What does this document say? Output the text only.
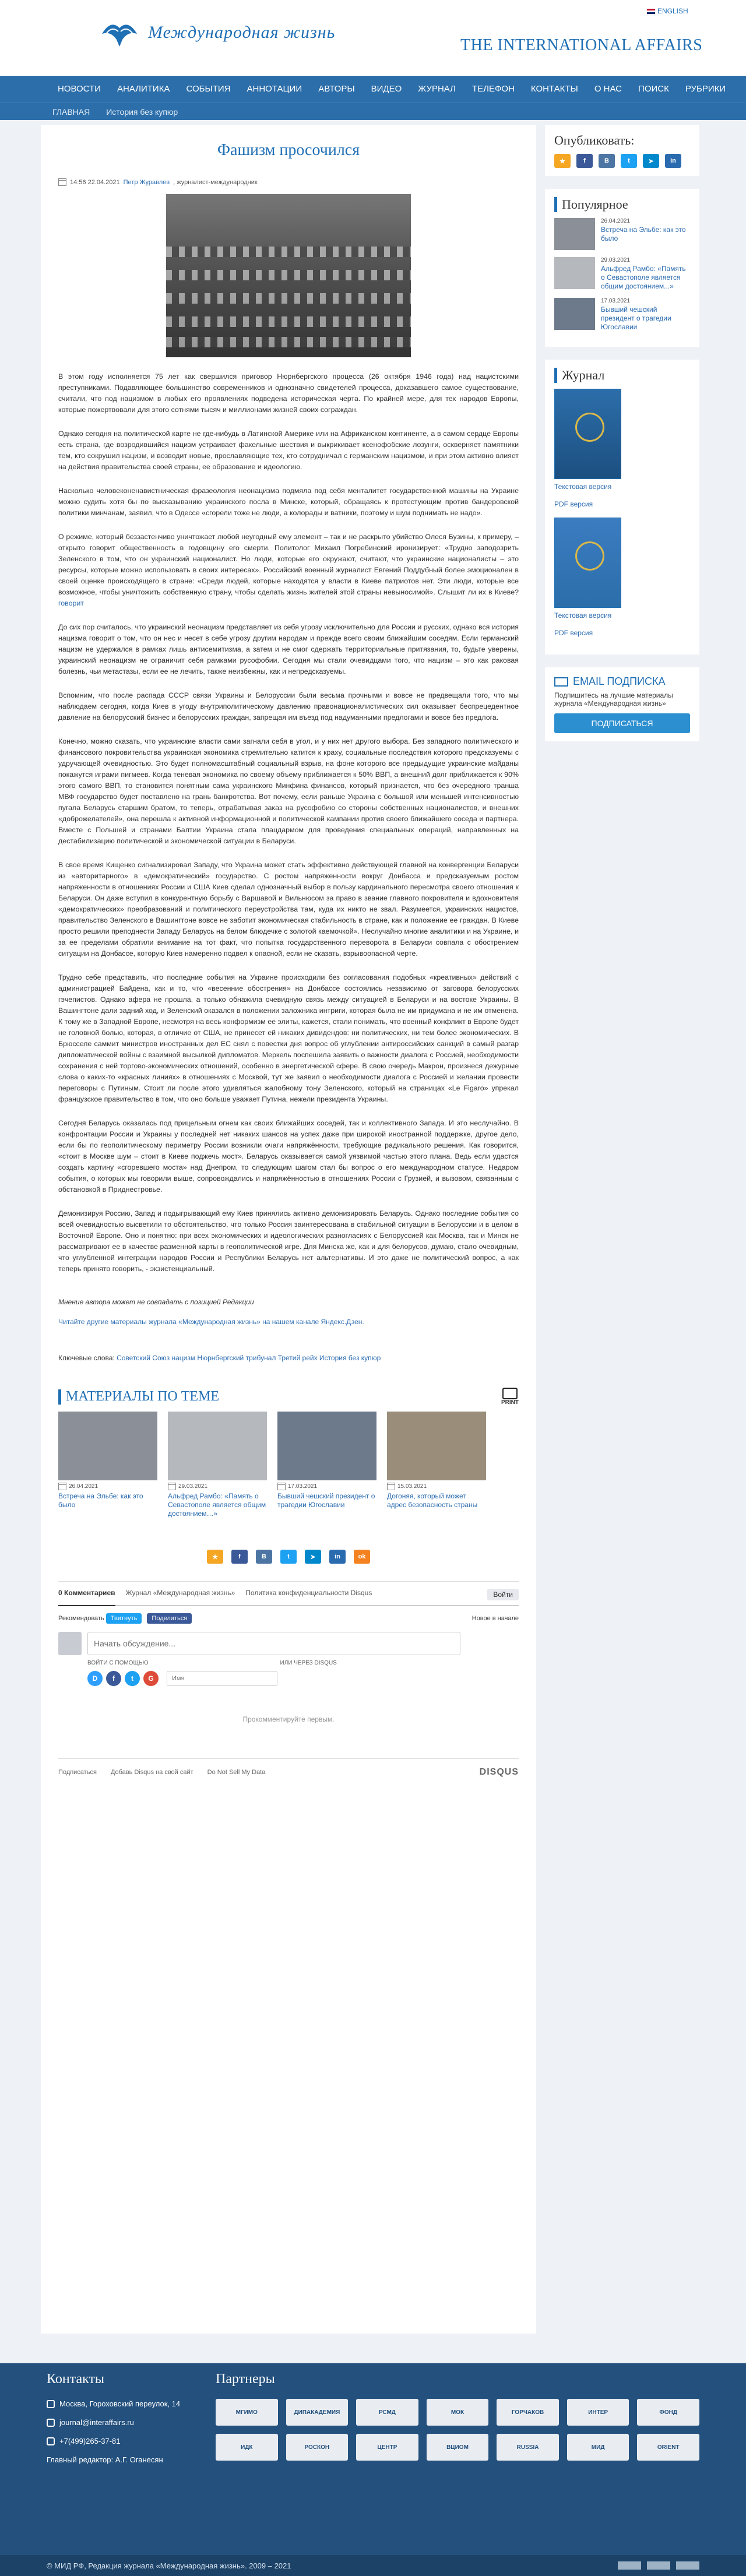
Международная жизнь
THE INTERNATIONAL AFFAIRS
ENGLISH
НОВОСТИ	АНАЛИТИКА	СОБЫТИЯ	АННОТАЦИИ	АВТОРЫ	ВИДЕО	ЖУРНАЛ	ТЕЛЕФОН	КОНТАКТЫ	О НАС	ПОИСК	РУБРИКИ
ГЛАВНАЯ История без купюр
Фашизм просочился
14:56 22.04.2021 Петр Журавлев , журналист-международник

В этом году исполняется 75 лет как свершился приговор Нюрнбергского процесса (26 октября 1946 года) над нацистскими преступниками. Подавляющее большинство современников и однозначно свидетелей процесса, доказавшего самое существование, считали, что под нацизмом в любых его проявлениях подведена историческая черта. По крайней мере, для тех народов Европы, которые пожертвовали для этого сотнями тысяч и миллионами жизней своих сограждан.

Однако сегодня на политической карте не где-нибудь в Латинской Америке или на Африканском континенте, а в самом сердце Европы есть страна, где возродившийся нацизм устраивает факельные шествия и выкрикивает ксенофобские лозунги, оскверняет памятники тем, кто сокрушил нацизм, и возводит новые, прославляющие тех, кто сотрудничал с германским нацизмом, и при этом активно влияет на действия правительства своей страны, ее образование и идеологию.

Насколько человеконенавистническая фразеология неонацизма подмяла под себя менталитет государственной машины на Украине можно судить хотя бы по высказыванию украинского посла в Минске, который, обращаясь к протестующим против бандеровской политики минчанам, заявил, что в Одессе «сгорели тоже не люди, а колорады и ватники, поэтому и шум поднимать не надо».

О режиме, который беззастенчиво уничтожает любой неугодный ему элемент – так и не раскрыто убийство Олеся Бузины, к примеру, – открыто говорит общественность в годовщину его смерти. Политолог Михаил Погребинский иронизирует: «Трудно заподозрить Зеленского в том, что он украинский националист. Но люди, которые его окружают, считают, что украинские националисты – это ресурсы, которые можно использовать в своих интересах». Российский военный журналист Евгений Поддубный более эмоционален в своей оценке происходящего в стране: «Среди людей, которые находятся у власти в Киеве патриотов нет. Эти люди, которые все возможное, чтобы уничтожить собственную страну, чтобы сделать жизнь жителей этой страны невыносимой». Слышит ли их в Киеве? говорит

До сих пор считалось, что украинский неонацизм представляет из себя угрозу исключительно для России и русских, однако вся история нацизма говорит о том, что он нес и несет в себе угрозу другим народам и прежде всего своим ближайшим соседям. Если германский нацизм не удержался в рамках лишь антисемитизма, а затем и не смог сдержать территориальные притязания, то, будьте уверены, украинский неонацизм не ограничит себя рамками русофобии. Сегодня мы стали очевидцами того, что нацизм – это как раковая болезнь, чьи метастазы, если ее не лечить, также неизбежны, как и непредсказуемы.

Вспомним, что после распада СССР связи Украины и Белоруссии были весьма прочными и вовсе не предвещали того, что мы наблюдаем сегодня, когда Киев в угоду внутриполитическому давлению правонационалистических сил оказывает беспрецедентное давление на белорусский бизнес и белорусских граждан, запрещая им въезд под надуманными предлогами и вовсе без предлога.

Конечно, можно сказать, что украинские власти сами загнали себя в угол, и у них нет другого выбора. Без западного политического и финансового покровительства украинская экономика стремительно катится к краху, социальные последствия которого предсказуемы с удручающей очевидностью. Это будет полномасштабный социальный взрыв, на фоне которого все предыдущие украинские майданы покажутся играми пигмеев. Когда теневая экономика по своему объему приближается к 50% ВВП, а внешний долг приближается к 90% этого самого ВВП, то становится понятным сама украинского Минфина финансов, который признается, что без очередного транша МВФ государство будет поставлено на грань банкротства. Вот почему, если раньше Украина с большой или меньшей интенсивностью пугала Беларусь старшим братом, то теперь, отрабатывая заказ на русофобию со стороны собственных националистов, и внешних «доброжелателей», она перешла к активной информационной и политической кампании против своего ближайшего соседа и партнера. Вместе с Польшей и странами Балтии Украина стала плацдармом для проведения специальных операций, направленных на дестабилизацию политической и экономической ситуации в Беларуси.

В свое время Кищенко сигнализировал Западу, что Украина может стать эффективно действующей главной на конвергенции Беларуси из «авторитарного» в «демократический» государство. С ростом напряженности вокруг Донбасса и предсказуемым ростом напряженности в отношениях России и США Киев сделал однозначный выбор в пользу кардинального пересмотра своего отношения к Беларуси. Он даже вступил в конкурентную борьбу с Варшавой и Вильнюсом за право в звание главного покровителя и вдохновителя «демократических» преобразований и политического переустройства там, куда их никто не звал. Разумеется, украинских нацистов, правительство Зеленского в Вашингтоне вовсе не заботит экономическая стабильность в стране, как и положение ее граждан. В Киеве просто решили преподнести Западу Беларусь на белом блюдечке с золотой каемочкой». Неслучайно многие аналитики и на Украине, и за ее пределами обратили внимание на тот факт, что попытка государственного переворота в Беларуси совпала с обострением ситуации на Донбассе, которую Киев намеренно подвел к опасной, если не сказать, взрывоопасной черте.

Трудно себе представить, что последние события на Украине происходили без согласования подобных «креативных» действий с администрацией Байдена, как и то, что «весенние обострения» на Донбассе состоялись независимо от заговора белорусских гэчепистов. Однако афера не прошла, а только обнажила очевидную связь между ситуацией в Беларуси и на востоке Украины. В Вашингтоне дали задний ход, и Зеленский оказался в положении заложника интриги, которая была не им придумана и не им отменена. К тому же в Западной Европе, несмотря на весь конформизм ее элиты, кажется, стали понимать, что военный конфликт в Европе будет не головной болью, которая, в отличие от США, не принесет ей никаких дивидендов: ни политических, ни тем более экономических. В Брюсселе саммит министров иностранных дел ЕС снял с повестки дня вопрос об углублении антироссийских санкций в самый разгар дипломатической войны с взаимной высылкой дипломатов. Меркель поспешила заявить о важности диалога с Россией, необходимости сохранения с ней торгово-экономических отношений, особенно в энергетической сфере. В свою очередь Макрон, произнеся дежурные слова о каких-то «красных линиях» в отношениях с Москвой, тут же заявил о необходимости диалога с Россией и желании провести переговоры с Путиным. Стоит ли после этого удивляться жалобному тону Зеленского, который на страницах «Le Figaro» упрекал французское правительство в том, что оно больше уважает Путина, нежели президента Украины.

Сегодня Беларусь оказалась под прицельным огнем как своих ближайших соседей, так и коллективного Запада. И это неслучайно. В конфронтации России и Украины у последней нет никаких шансов на успех даже при широкой иностранной поддержке, другое дело, если бы по геополитическому периметру России возникли очаги напряжённости, требующие радикального решения. Как говорится, «стоит в Москве шум – стоит в Киеве поджечь мост». Беларусь оказывается самой уязвимой частью этого плана. Ведь если удастся создать картину «сгоревшего моста» над Днепром, то следующим шагом стал бы вопрос о его международном статусе. Недаром события, о которых мы говорили выше, сопровождались и напряжённостью в отношениях России с Грузией, и вызовом, связанным с обстановкой в Приднестровье.

Демонизируя Россию, Запад и подыгрывающий ему Киев принялись активно демонизировать Беларусь. Однако последние события со всей очевидностью высветили то обстоятельство, что только Россия заинтересована в стабильной ситуации в Белоруссии и в целом в Восточной Европе. Оно и понятно: при всех экономических и идеологических разногласиях с Белоруссией как Москва, так и Минск не рассматривают ее в качестве разменной карты в геополитической игре. Для Минска же, как и для белорусов, думаю, стало очевидным, что углубленной интеграции народов России и Республики Беларусь нет альтернативы. И это даже не политический вопрос, а как теперь принято говорить, - экзистенциальный.

Мнение автора может не совпадать с позицией Редакции
Читайте другие материалы журнала «Международная жизнь» на нашем канале Яндекс.Дзен.
Ключевые слова: Советский Союз нацизм Нюрнбергский трибунал Третий рейх История без купюр
МАТЕРИАЛЫ ПО ТЕМЕ	PRINT
26.04.2021
Встреча на Эльбе: как это было
29.03.2021
Альфред Рамбо: «Память о Севастополе является общим достоянием…»
17.03.2021
Бывший чешский президент о трагедии Югославии
15.03.2021
Догоняя, который может адрес безопасность страны
★	f	B	t	➤	in	ok
0 Комментариев Журнал «Международная жизнь» Политика конфиденциальности Disqus	Войти
Рекомендовать Твитнуть Поделиться	Новое в начале
Начать обсуждение...
ВОЙТИ С ПОМОЩЬЮ	ИЛИ ЧЕРЕЗ DISQUS
D	f	t	G
Имя
Прокомментируйте первым.
Подписаться Добавь Disqus на свой сайт Do Not Sell My Data	DISQUS
Опубликовать:
★	f	B	t	➤	in
Популярное
26.04.2021
Встреча на Эльбе: как это было
29.03.2021
Альфред Рамбо: «Память о Севастополе является общим достоянием...»
17.03.2021
Бывший чешский президент о трагедии Югославии
Журнал
Текстовая версия
PDF версия
Текстовая версия
PDF версия
EMAIL ПОДПИСКА
Подпишитесь на лучшие материалы журнала «Международная жизнь»
ПОДПИСАТЬСЯ
Контакты
Москва, Гороховский переулок, 14
journal@interaffairs.ru
+7(499)265-37-81
Главный редактор: А.Г. Оганесян
Партнеры
МГИМО	ДИПАКАДЕМИЯ	РСМД	МОК	ГОРЧАКОВ	ИНТЕР	ФОНД
ИДК	РОСКОН	ЦЕНТР	ВЦИОМ	RUSSIA	МИД	ORIENT
© МИД РФ, Редакция журнала «Международная жизнь». 2009 – 2021
